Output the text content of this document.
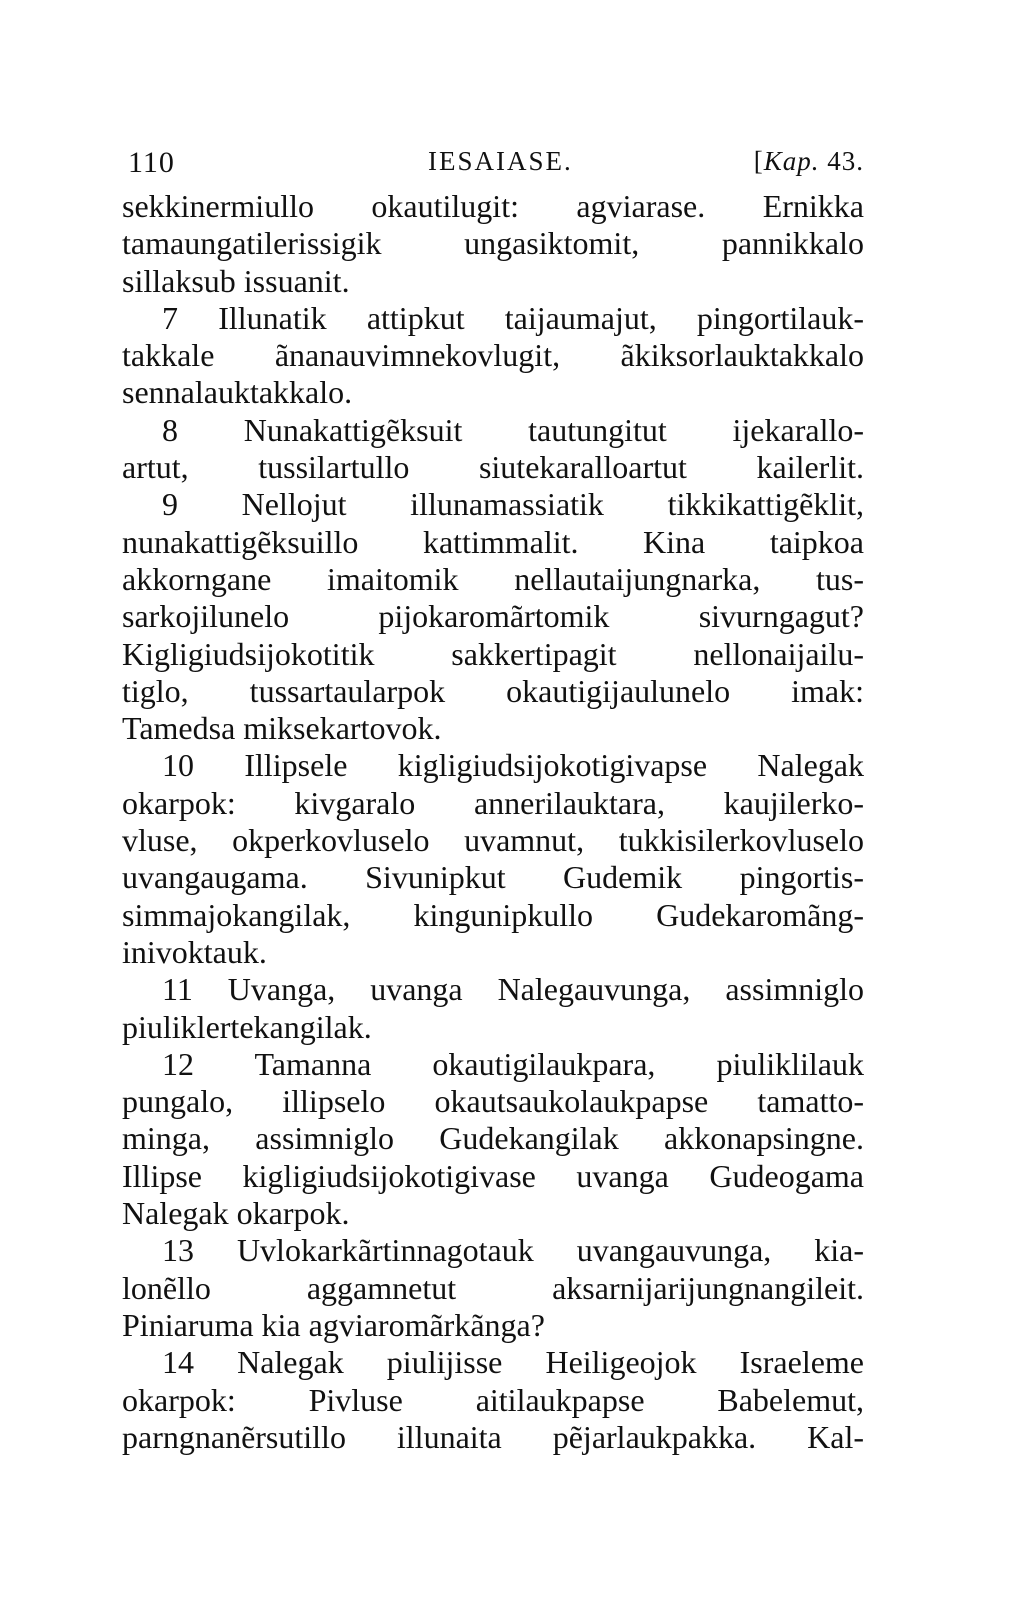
110	IESAIASE.	[Kap. 43.
sekkinermiullo okautilugit: agviarase. Ernikka
tamaungatilerissigik ungasiktomit, pannikkalo
sillaksub issuanit.
7 Illunatik attipkut taijaumajut, pingortilauk-
takkale ãnanauvimnekovlugit, ãkiksorlauktakkalo
sennalauktakkalo.
8 Nunakattigẽksuit tautungitut ijekarallo-
artut, tussilartullo siutekaralloartut kailerlit.
9 Nellojut illunamassiatik tikkikattigẽklit,
nunakattigẽksuillo kattimmalit. Kina taipkoa
akkorngane imaitomik nellautaijungnarka, tus-
sarkojilunelo pijokaromãrtomik sivurngagut?
Kigligiudsijokotitik sakkertipagit nellonaijailu-
tiglo, tussartaularpok okautigijaulunelo imak:
Tamedsa miksekartovok.
10 Illipsele kigligiudsijokotigivapse Nalegak
okarpok: kivgaralo annerilauktara, kaujilerko-
vluse, okperkovluselo uvamnut, tukkisilerkovluselo
uvangaugama. Sivunipkut Gudemik pingortis-
simmajokangilak, kingunipkullo Gudekaromãng-
inivoktauk.
11 Uvanga, uvanga Nalegauvunga, assimniglo
piuliklertekangilak.
12 Tamanna okautigilaukpara, piuliklilauk
pungalo, illipselo okautsaukolaukpapse tamatto-
minga, assimniglo Gudekangilak akkonapsingne.
Illipse kigligiudsijokotigivase uvanga Gudeogama
Nalegak okarpok.
13 Uvlokarkãrtinnagotauk uvangauvunga, kia-
lonẽllo aggamnetut aksarnijarijungnangileit.
Piniaruma kia agviaromãrkãnga?
14 Nalegak piulijisse Heiligeojok Israeleme
okarpok: Pivluse aitilaukpapse Babelemut,
parngnanẽrsutillo illunaita pẽjarlaukpakka. Kal-
